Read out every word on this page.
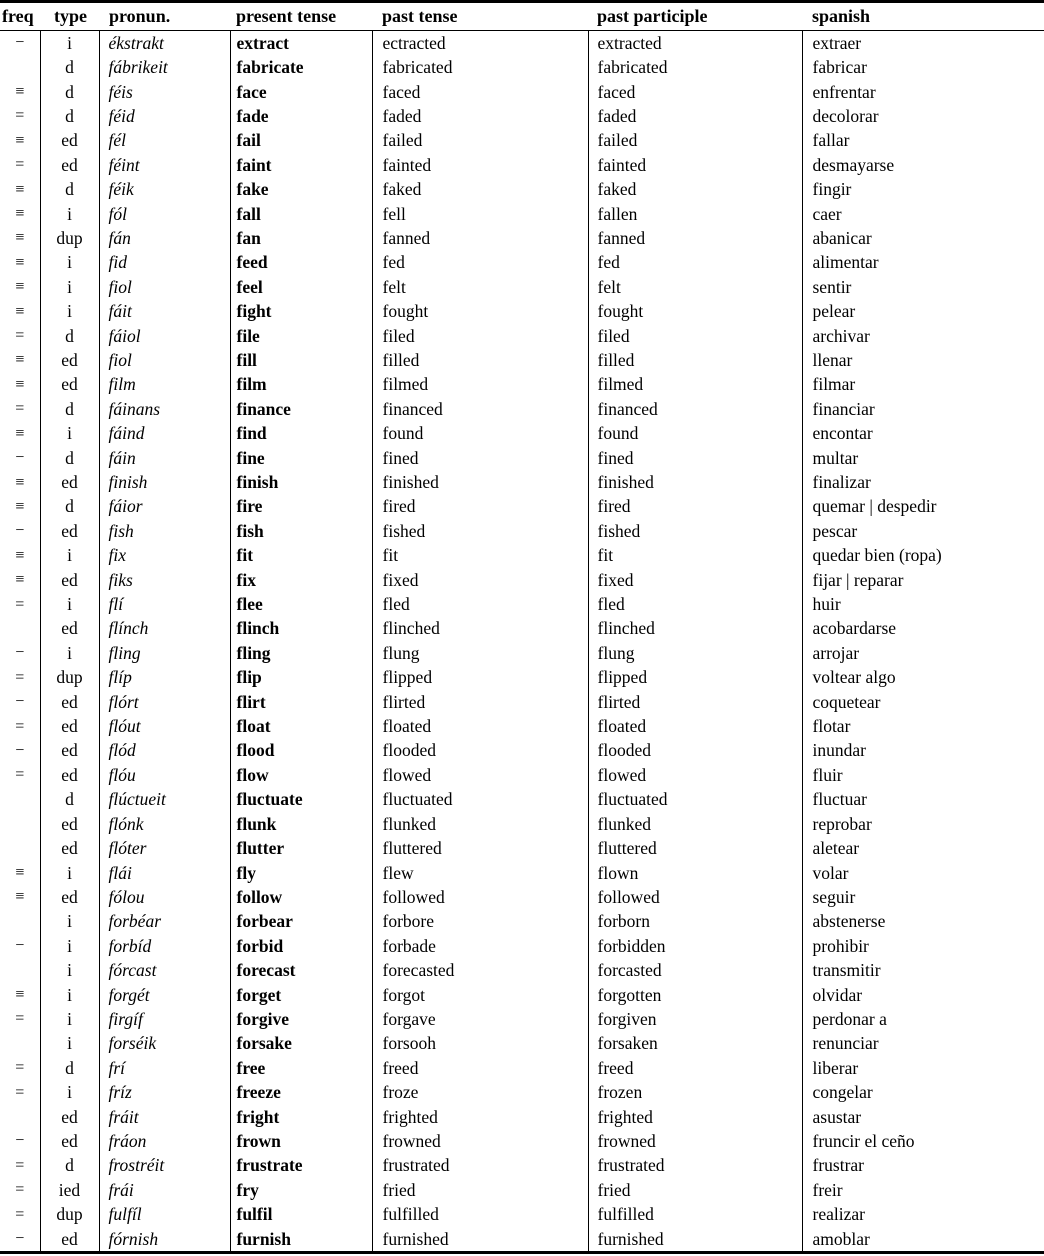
freq	type	pronun.	present tense	past tense	past participle	spanish
−	i	ékstrakt	extract	ectracted	extracted	extraer
	d	fábrikeit	fabricate	fabricated	fabricated	fabricar
≡	d	féis	face	faced	faced	enfrentar
=	d	féid	fade	faded	faded	decolorar
≡	ed	fél	fail	failed	failed	fallar
=	ed	féint	faint	fainted	fainted	desmayarse
≡	d	féik	fake	faked	faked	fingir
≡	i	fól	fall	fell	fallen	caer
≡	dup	fán	fan	fanned	fanned	abanicar
≡	i	fid	feed	fed	fed	alimentar
≡	i	fiol	feel	felt	felt	sentir
≡	i	fáit	fight	fought	fought	pelear
=	d	fáiol	file	filed	filed	archivar
≡	ed	fiol	fill	filled	filled	llenar
≡	ed	film	film	filmed	filmed	filmar
=	d	fáinans	finance	financed	financed	financiar
≡	i	fáind	find	found	found	encontar
−	d	fáin	fine	fined	fined	multar
≡	ed	finish	finish	finished	finished	finalizar
≡	d	fáior	fire	fired	fired	quemar | despedir
−	ed	fish	fish	fished	fished	pescar
≡	i	fix	fit	fit	fit	quedar bien (ropa)
≡	ed	fiks	fix	fixed	fixed	fijar | reparar
=	i	flí	flee	fled	fled	huir
	ed	flínch	flinch	flinched	flinched	acobardarse
−	i	fling	fling	flung	flung	arrojar
=	dup	flíp	flip	flipped	flipped	voltear algo
−	ed	flórt	flirt	flirted	flirted	coquetear
=	ed	flóut	float	floated	floated	flotar
−	ed	flód	flood	flooded	flooded	inundar
=	ed	flóu	flow	flowed	flowed	fluir
	d	flúctueit	fluctuate	fluctuated	fluctuated	fluctuar
	ed	flónk	flunk	flunked	flunked	reprobar
	ed	flóter	flutter	fluttered	fluttered	aletear
≡	i	flái	fly	flew	flown	volar
≡	ed	fólou	follow	followed	followed	seguir
	i	forbéar	forbear	forbore	forborn	abstenerse
−	i	forbíd	forbid	forbade	forbidden	prohibir
	i	fórcast	forecast	forecasted	forcasted	transmitir
≡	i	forgét	forget	forgot	forgotten	olvidar
=	i	firgíf	forgive	forgave	forgiven	perdonar a
	i	forséik	forsake	forsooh	forsaken	renunciar
=	d	frí	free	freed	freed	liberar
=	i	fríz	freeze	froze	frozen	congelar
	ed	fráit	fright	frighted	frighted	asustar
−	ed	fráon	frown	frowned	frowned	fruncir el ceño
=	d	frostréit	frustrate	frustrated	frustrated	frustrar
=	ied	frái	fry	fried	fried	freir
=	dup	fulfíl	fulfil	fulfilled	fulfilled	realizar
−	ed	fórnish	furnish	furnished	furnished	amoblar
